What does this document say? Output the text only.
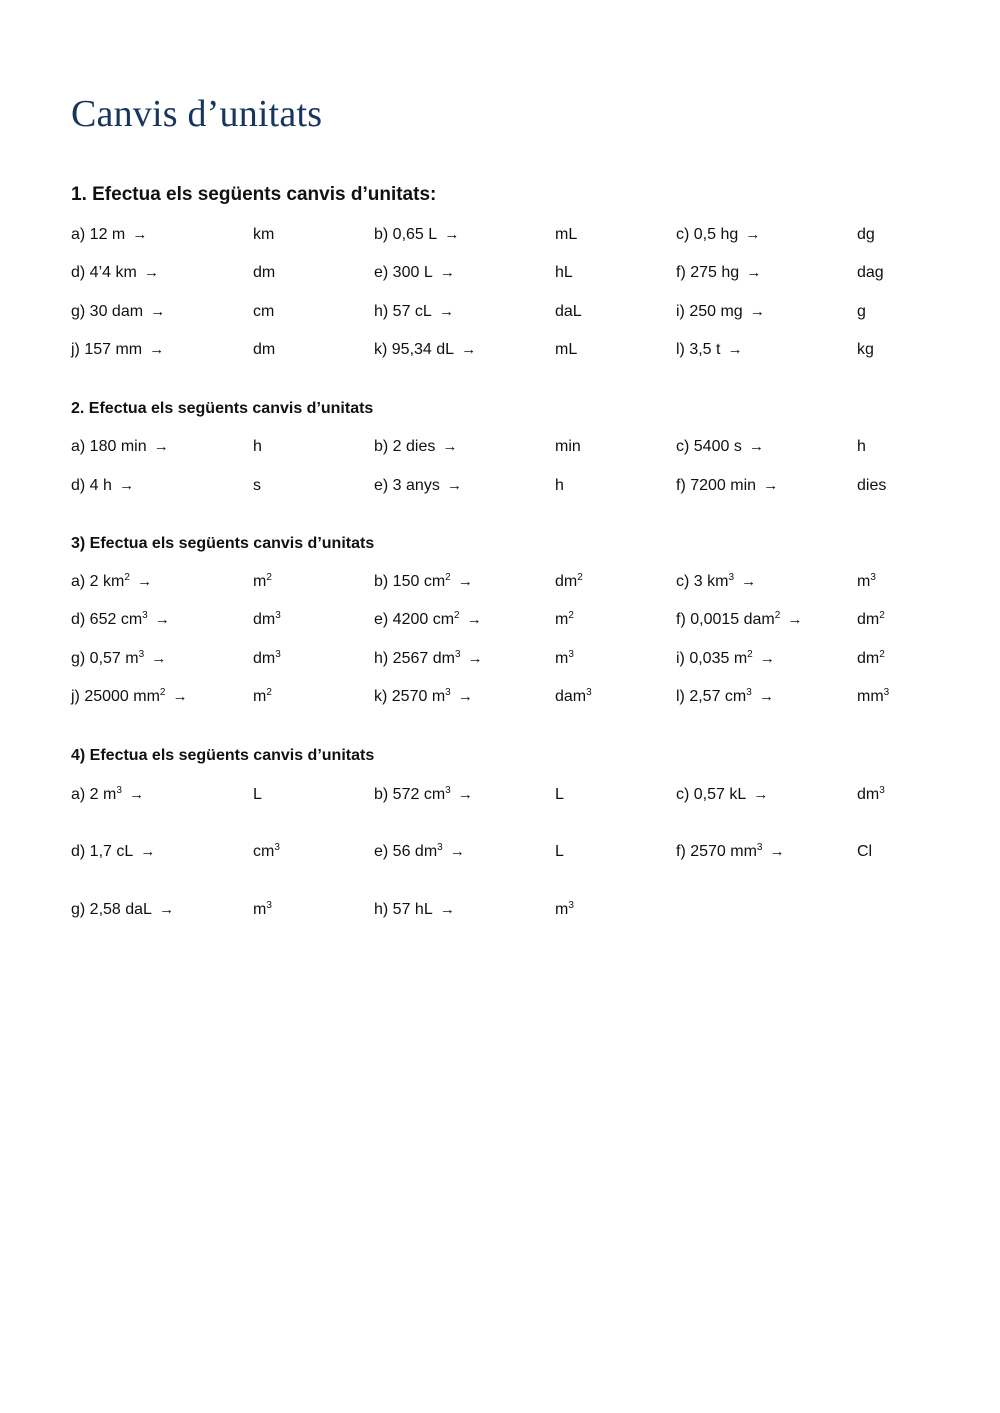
Canvis d’unitats
1. Efectua els següents canvis d’unitats:
a) 12 m →	km	b) 0,65 L →	mL	c) 0,5 hg →	dg
d) 4’4 km →	dm	e) 300 L →	hL	f) 275 hg →	dag
g) 30 dam →	cm	h) 57 cL →	daL	i) 250 mg →	g
j) 157 mm →	dm	k) 95,34 dL →	mL	l) 3,5 t →	kg
2. Efectua els següents canvis d’unitats
a) 180 min →	h	b) 2 dies →	min	c) 5400 s →	h
d) 4 h →	s	e) 3 anys →	h	f) 7200 min →	dies
3) Efectua els següents canvis d’unitats
a) 2 $km^2$ →	$m^2$	b) 150 $cm^2$ →	$dm^2$	c) 3 $km^3$ →	$m^3$
d) 652 $cm^3$ →	$dm^3$	e) 4200 $cm^2$ →	$m^2$	f) 0,0015 dam$^2$ →	$dm^2$
g) 0,57 $m^3$ →	$dm^3$	h) 2567 $dm^3$ →	$m^3$	i) 0,035 $m^2$ →	$dm^2$
j) 25000 $mm^2$ →	$m^2$	k) 2570 $m^3$ →	dam$^3$	l) 2,57 $cm^3$ →	$mm^3$
4) Efectua els següents canvis d’unitats
a) 2 $m^3$ →	L	b) 572 $cm^3$ →	L	c) 0,57 kL →	$dm^3$
d) 1,7 cL →	$cm^3$	e) 56 $dm^3$ →	L	f) 2570 $mm^3$ →	Cl
g) 2,58 daL →	$m^3$	h) 57 hL →	$m^3$
